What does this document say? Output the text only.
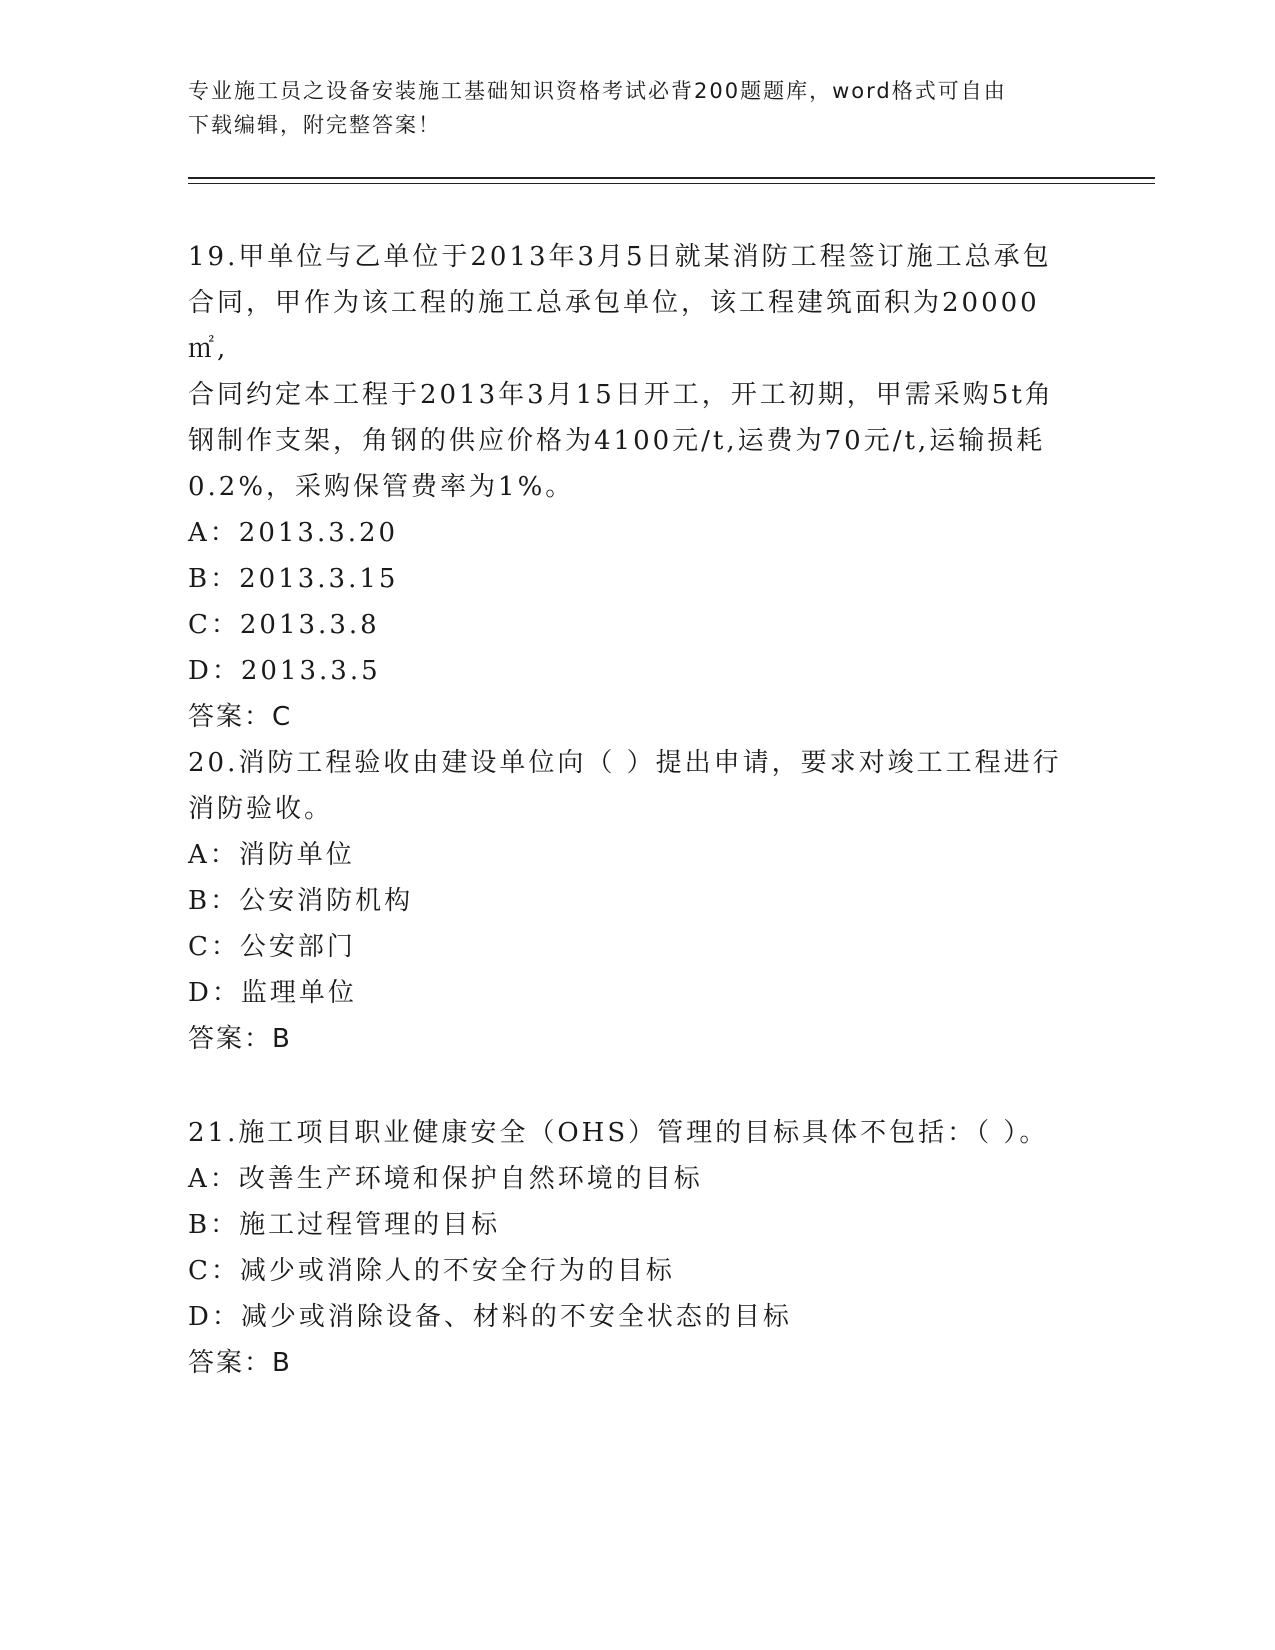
专业施工员之设备安装施工基础知识资格考试必背200题题库，word格式可自由
下载编辑，附完整答案！

19.甲单位与乙单位于2013年3月5日就某消防工程签订施工总承包

合同，甲作为该工程的施工总承包单位，该工程建筑面积为20000㎡,

合同约定本工程于2013年3月15日开工，开工初期，甲需采购5t角

钢制作支架，角钢的供应价格为4100元/t,运费为70元/t,运输损耗

0.2%，采购保管费率为1%。

A：2013.3.20

B：2013.3.15

C：2013.3.8

D：2013.3.5

答案：C

20.消防工程验收由建设单位向（ ）提出申请，要求对竣工工程进行

消防验收。

A：消防单位

B：公安消防机构

C：公安部门

D：监理单位

答案：B

21.施工项目职业健康安全（OHS）管理的目标具体不包括：（ ）。

A：改善生产环境和保护自然环境的目标

B：施工过程管理的目标

C：减少或消除人的不安全行为的目标

D：减少或消除设备、材料的不安全状态的目标

答案：B
